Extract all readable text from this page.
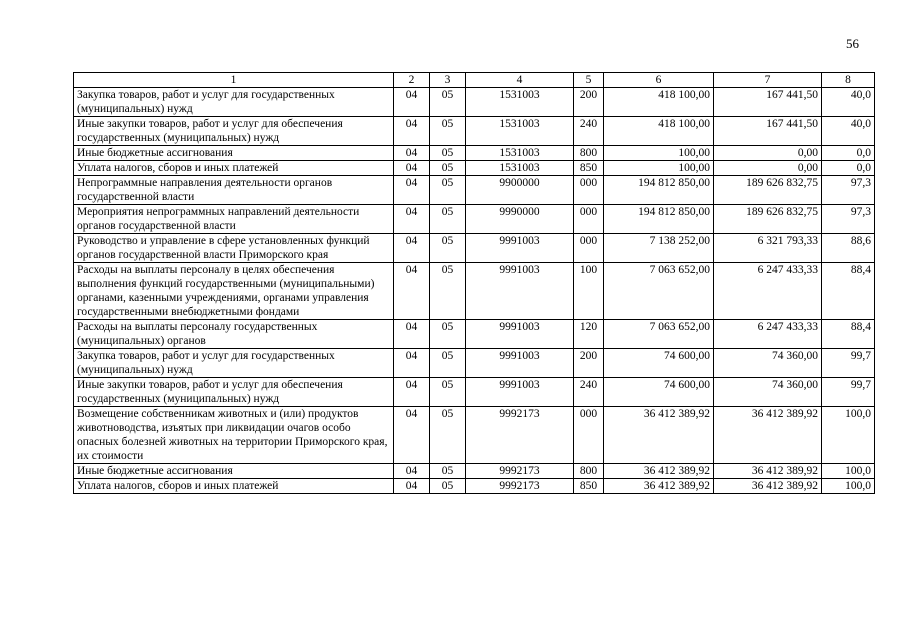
56
1	2	3	4	5	6	7	8
Закупка товаров, работ и услуг для государственных (муниципальных) нужд	04	05	1531003	200	418 100,00	167 441,50	40,0
Иные закупки товаров, работ и услуг для обеспечения государственных (муниципальных) нужд	04	05	1531003	240	418 100,00	167 441,50	40,0
Иные бюджетные ассигнования	04	05	1531003	800	100,00	0,00	0,0
Уплата налогов, сборов и иных платежей	04	05	1531003	850	100,00	0,00	0,0
Непрограммные направления деятельности органов государственной власти	04	05	9900000	000	194 812 850,00	189 626 832,75	97,3
Мероприятия непрограммных направлений деятельности органов государственной власти	04	05	9990000	000	194 812 850,00	189 626 832,75	97,3
Руководство и управление в сфере установленных функций органов государственной власти Приморского края	04	05	9991003	000	7 138 252,00	6 321 793,33	88,6
Расходы на выплаты персоналу в целях обеспечения выполнения функций государственными (муниципальными) органами, казенными учреждениями, органами управления государственными внебюджетными фондами	04	05	9991003	100	7 063 652,00	6 247 433,33	88,4
Расходы на выплаты персоналу государственных (муниципальных) органов	04	05	9991003	120	7 063 652,00	6 247 433,33	88,4
Закупка товаров, работ и услуг для государственных (муниципальных) нужд	04	05	9991003	200	74 600,00	74 360,00	99,7
Иные закупки товаров, работ и услуг для обеспечения государственных (муниципальных) нужд	04	05	9991003	240	74 600,00	74 360,00	99,7
Возмещение собственникам животных и (или) продуктов животноводства, изъятых при ликвидации очагов особо опасных болезней животных на территории Приморского края, их стоимости	04	05	9992173	000	36 412 389,92	36 412 389,92	100,0
Иные бюджетные ассигнования	04	05	9992173	800	36 412 389,92	36 412 389,92	100,0
Уплата налогов, сборов и иных платежей	04	05	9992173	850	36 412 389,92	36 412 389,92	100,0
